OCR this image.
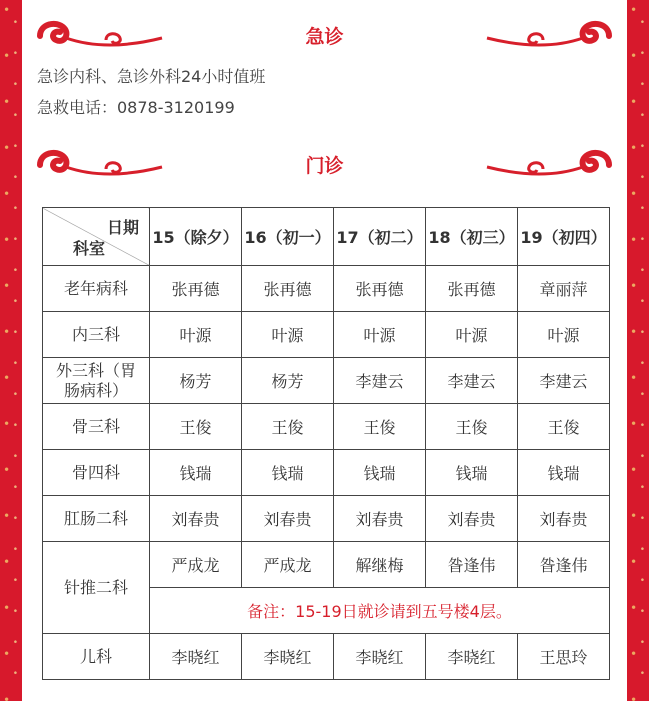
急诊
急诊内科、急诊外科24小时值班
急救电话：0878-3120199
门诊
日期
科室	15（除夕）	16（初一）	17（初二）	18（初三）	19（初四）
老年病科	张再德	张再德	张再德	张再德	章丽萍
内三科	叶源	叶源	叶源	叶源	叶源
外三科（胃肠病科）	杨芳	杨芳	李建云	李建云	李建云
骨三科	王俊	王俊	王俊	王俊	王俊
骨四科	钱瑞	钱瑞	钱瑞	钱瑞	钱瑞
肛肠二科	刘春贵	刘春贵	刘春贵	刘春贵	刘春贵
针推二科	严成龙	严成龙	解继梅	昝逢伟	昝逢伟
	备注：15-19日就诊请到五号楼4层。				
儿科	李晓红	李晓红	李晓红	李晓红	王思玲
